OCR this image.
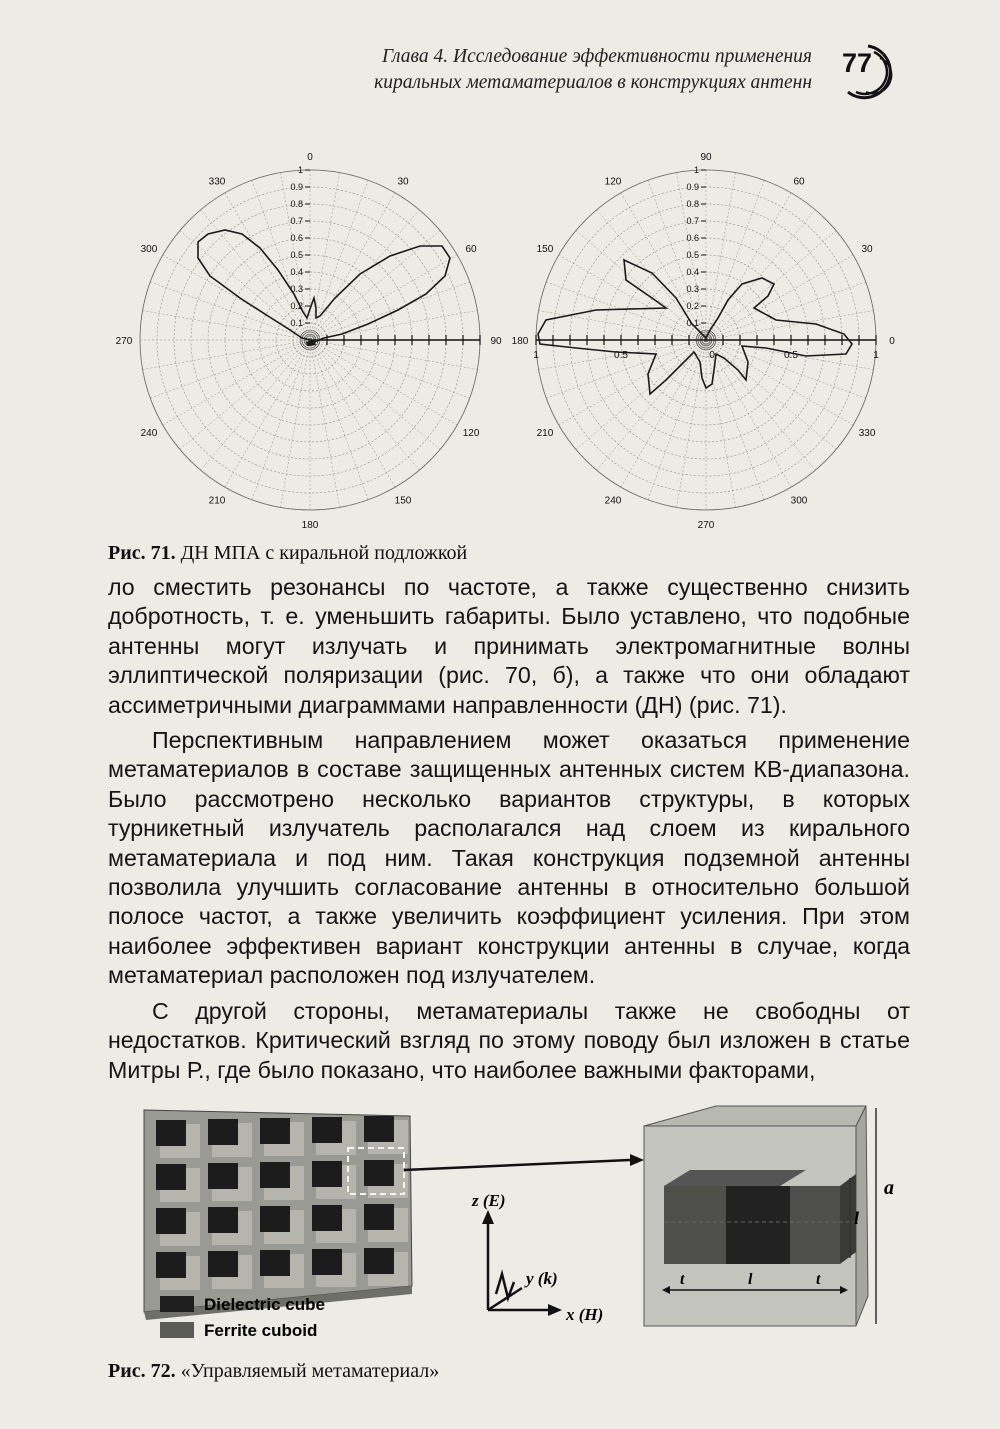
Глава 4. Исследование эффективности применения
киральных метаматериалов в конструкциях антенн
77
0.1
0.2
0.3
0.4
0.5
0.6
0.7
0.8
0.9
1
0
30
60
90
120
150
180
210
240
270
300
330
0.1
0.2
0.3
0.4
0.5
0.6
0.7
0.8
0.9
1
90
60
30
0
330
300
270
240
210
180
150
120
1	0.5	0	0.5	1
Рис. 71. ДН МПА с киральной подложкой

ло сместить резонансы по частоте, а также существенно снизить добротность, т. е. уменьшить габариты. Было уставлено, что подобные антенны могут излучать и принимать электромагнитные волны эллиптической поляризации (рис. 70, б), а также что они обладают ассиметричными диаграммами направленности (ДН) (рис. 71).

Перспективным направлением может оказаться применение метаматериалов в составе защищенных антенных систем КВ-диапазона. Было рассмотрено несколько вариантов структуры, в которых турникетный излучатель располагался над слоем из кирального метаматериала и под ним. Такая конструкция подземной антенны позволила улучшить согласование антенны в относительно большой полосе частот, а также увеличить коэффициент усиления. При этом наиболее эффективен вариант конструкции антенны в случае, когда метаматериал расположен под излучателем.

С другой стороны, метаматериалы также не свободны от недостатков. Критический взгляд по этому поводу был изложен в статье Митры Р., где было показано, что наиболее важными факторами,

a
l
t	l	t
z (E)
y (k)
x (H)
Dielectric cube
Ferrite cuboid
Рис. 72. «Управляемый метаматериал»
